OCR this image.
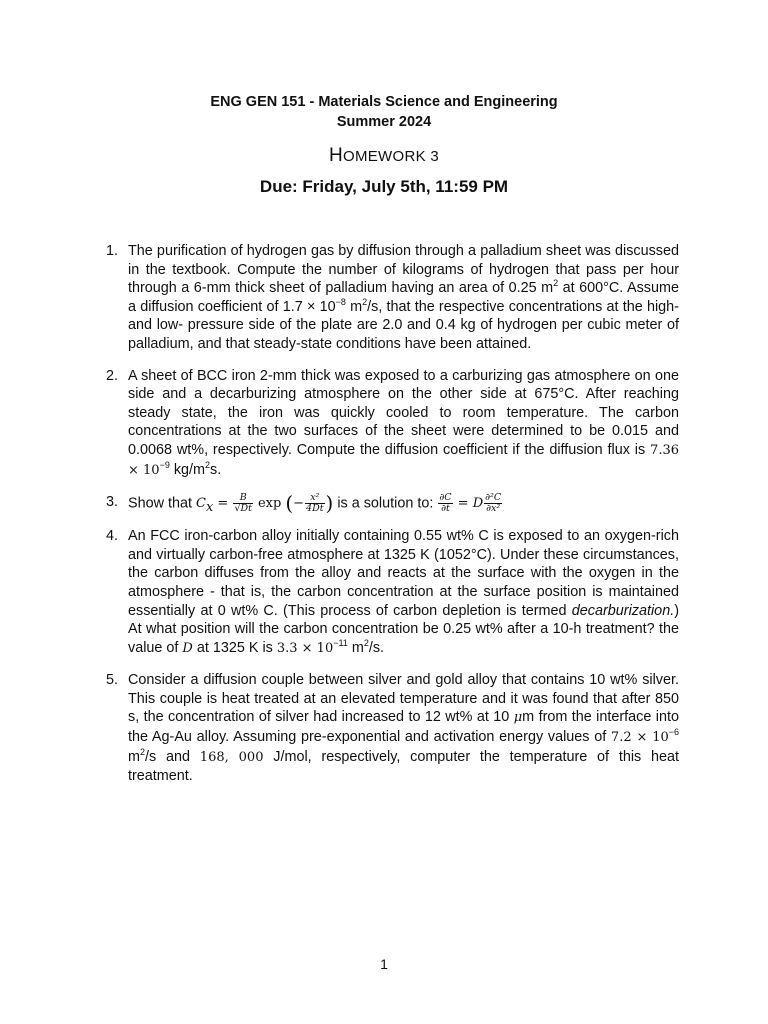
ENG GEN 151 - Materials Science and Engineering

Summer 2024

HOMEWORK 3
Due: Friday, July 5th, 11:59 PM
1. The purification of hydrogen gas by diffusion through a palladium sheet was discussed in the textbook. Compute the number of kilograms of hydrogen that pass per hour through a 6-mm thick sheet of palladium having an area of 0.25 $m^2$ at 600°C. Assume a diffusion coefficient of $1.7 \times 10^{-8}$ $m^2/s$, that the respective concentrations at the high- and low- pressure side of the plate are 2.0 and 0.4 kg of hydrogen per cubic meter of palladium, and that steady-state conditions have been attained.
2. A sheet of BCC iron 2-mm thick was exposed to a carburizing gas atmosphere on one side and a decarburizing atmosphere on the other side at 675°C. After reaching steady state, the iron was quickly cooled to room temperature. The carbon concentrations at the two surfaces of the sheet were determined to be 0.015 and 0.0068 wt%, respectively. Compute the diffusion coefficient if the diffusion flux is $7.36 \times 10^{-9}$ $kg/m^2s$.
3. Show that $C_x = \frac{B}{√Dt}$ exp (− $\frac{\text{x²}}{4Dt}$ ) is a solution to: $\frac{\partial C}{\partial t} = D \frac{\text{∂²C}}{\text{∂x²}}$
4. An FCC iron-carbon alloy initially containing 0.55 wt% C is exposed to an oxygen-rich and virtually carbon-free atmosphere at 1325 K (1052°C). Under these circumstances, the carbon diffuses from the alloy and reacts at the surface with the oxygen in the atmosphere - that is, the carbon concentration at the surface position is maintained essentially at 0 wt% C. (This process of carbon depletion is termed decarburization.) At what position will the carbon concentration be 0.25 wt% after a 10-h treatment? the value of D at 1325 K is $3.3 \times 10^{-11}$ $m^2/s$.
5. Consider a diffusion couple between silver and gold alloy that contains 10 wt% silver. This couple is heat treated at an elevated temperature and it was found that after 850 s, the concentration of silver had increased to 12 wt% at 10 μm from the interface into the Ag-Au alloy. Assuming pre-exponential and activation energy values of $7.2 \times 10^{-6}$ $m^2/s$ and 168, 000 J/mol, respectively, computer the temperature of this heat treatment.
1
